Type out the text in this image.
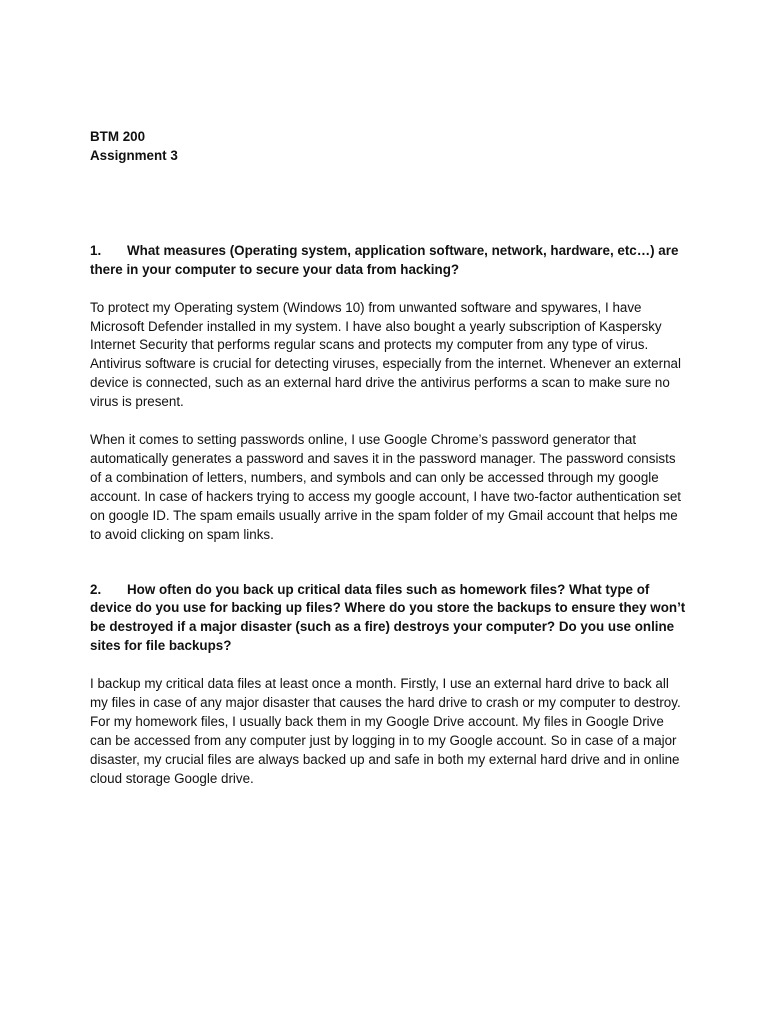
BTM 200

Assignment 3

1. What measures (Operating system, application software, network, hardware, etc…) are there in your computer to secure your data from hacking?

To protect my Operating system (Windows 10) from unwanted software and spywares, I have Microsoft Defender installed in my system. I have also bought a yearly subscription of Kaspersky Internet Security that performs regular scans and protects my computer from any type of virus. Antivirus software is crucial for detecting viruses, especially from the internet. Whenever an external device is connected, such as an external hard drive the antivirus performs a scan to make sure no virus is present.

When it comes to setting passwords online, I use Google Chrome’s password generator that automatically generates a password and saves it in the password manager. The password consists of a combination of letters, numbers, and symbols and can only be accessed through my google account. In case of hackers trying to access my google account, I have two-factor authentication set on google ID. The spam emails usually arrive in the spam folder of my Gmail account that helps me to avoid clicking on spam links.

2. How often do you back up critical data files such as homework files? What type of device do you use for backing up files? Where do you store the backups to ensure they won’t be destroyed if a major disaster (such as a fire) destroys your computer? Do you use online sites for file backups?

I backup my critical data files at least once a month. Firstly, I use an external hard drive to back all my files in case of any major disaster that causes the hard drive to crash or my computer to destroy. For my homework files, I usually back them in my Google Drive account. My files in Google Drive can be accessed from any computer just by logging in to my Google account. So in case of a major disaster, my crucial files are always backed up and safe in both my external hard drive and in online cloud storage Google drive.
